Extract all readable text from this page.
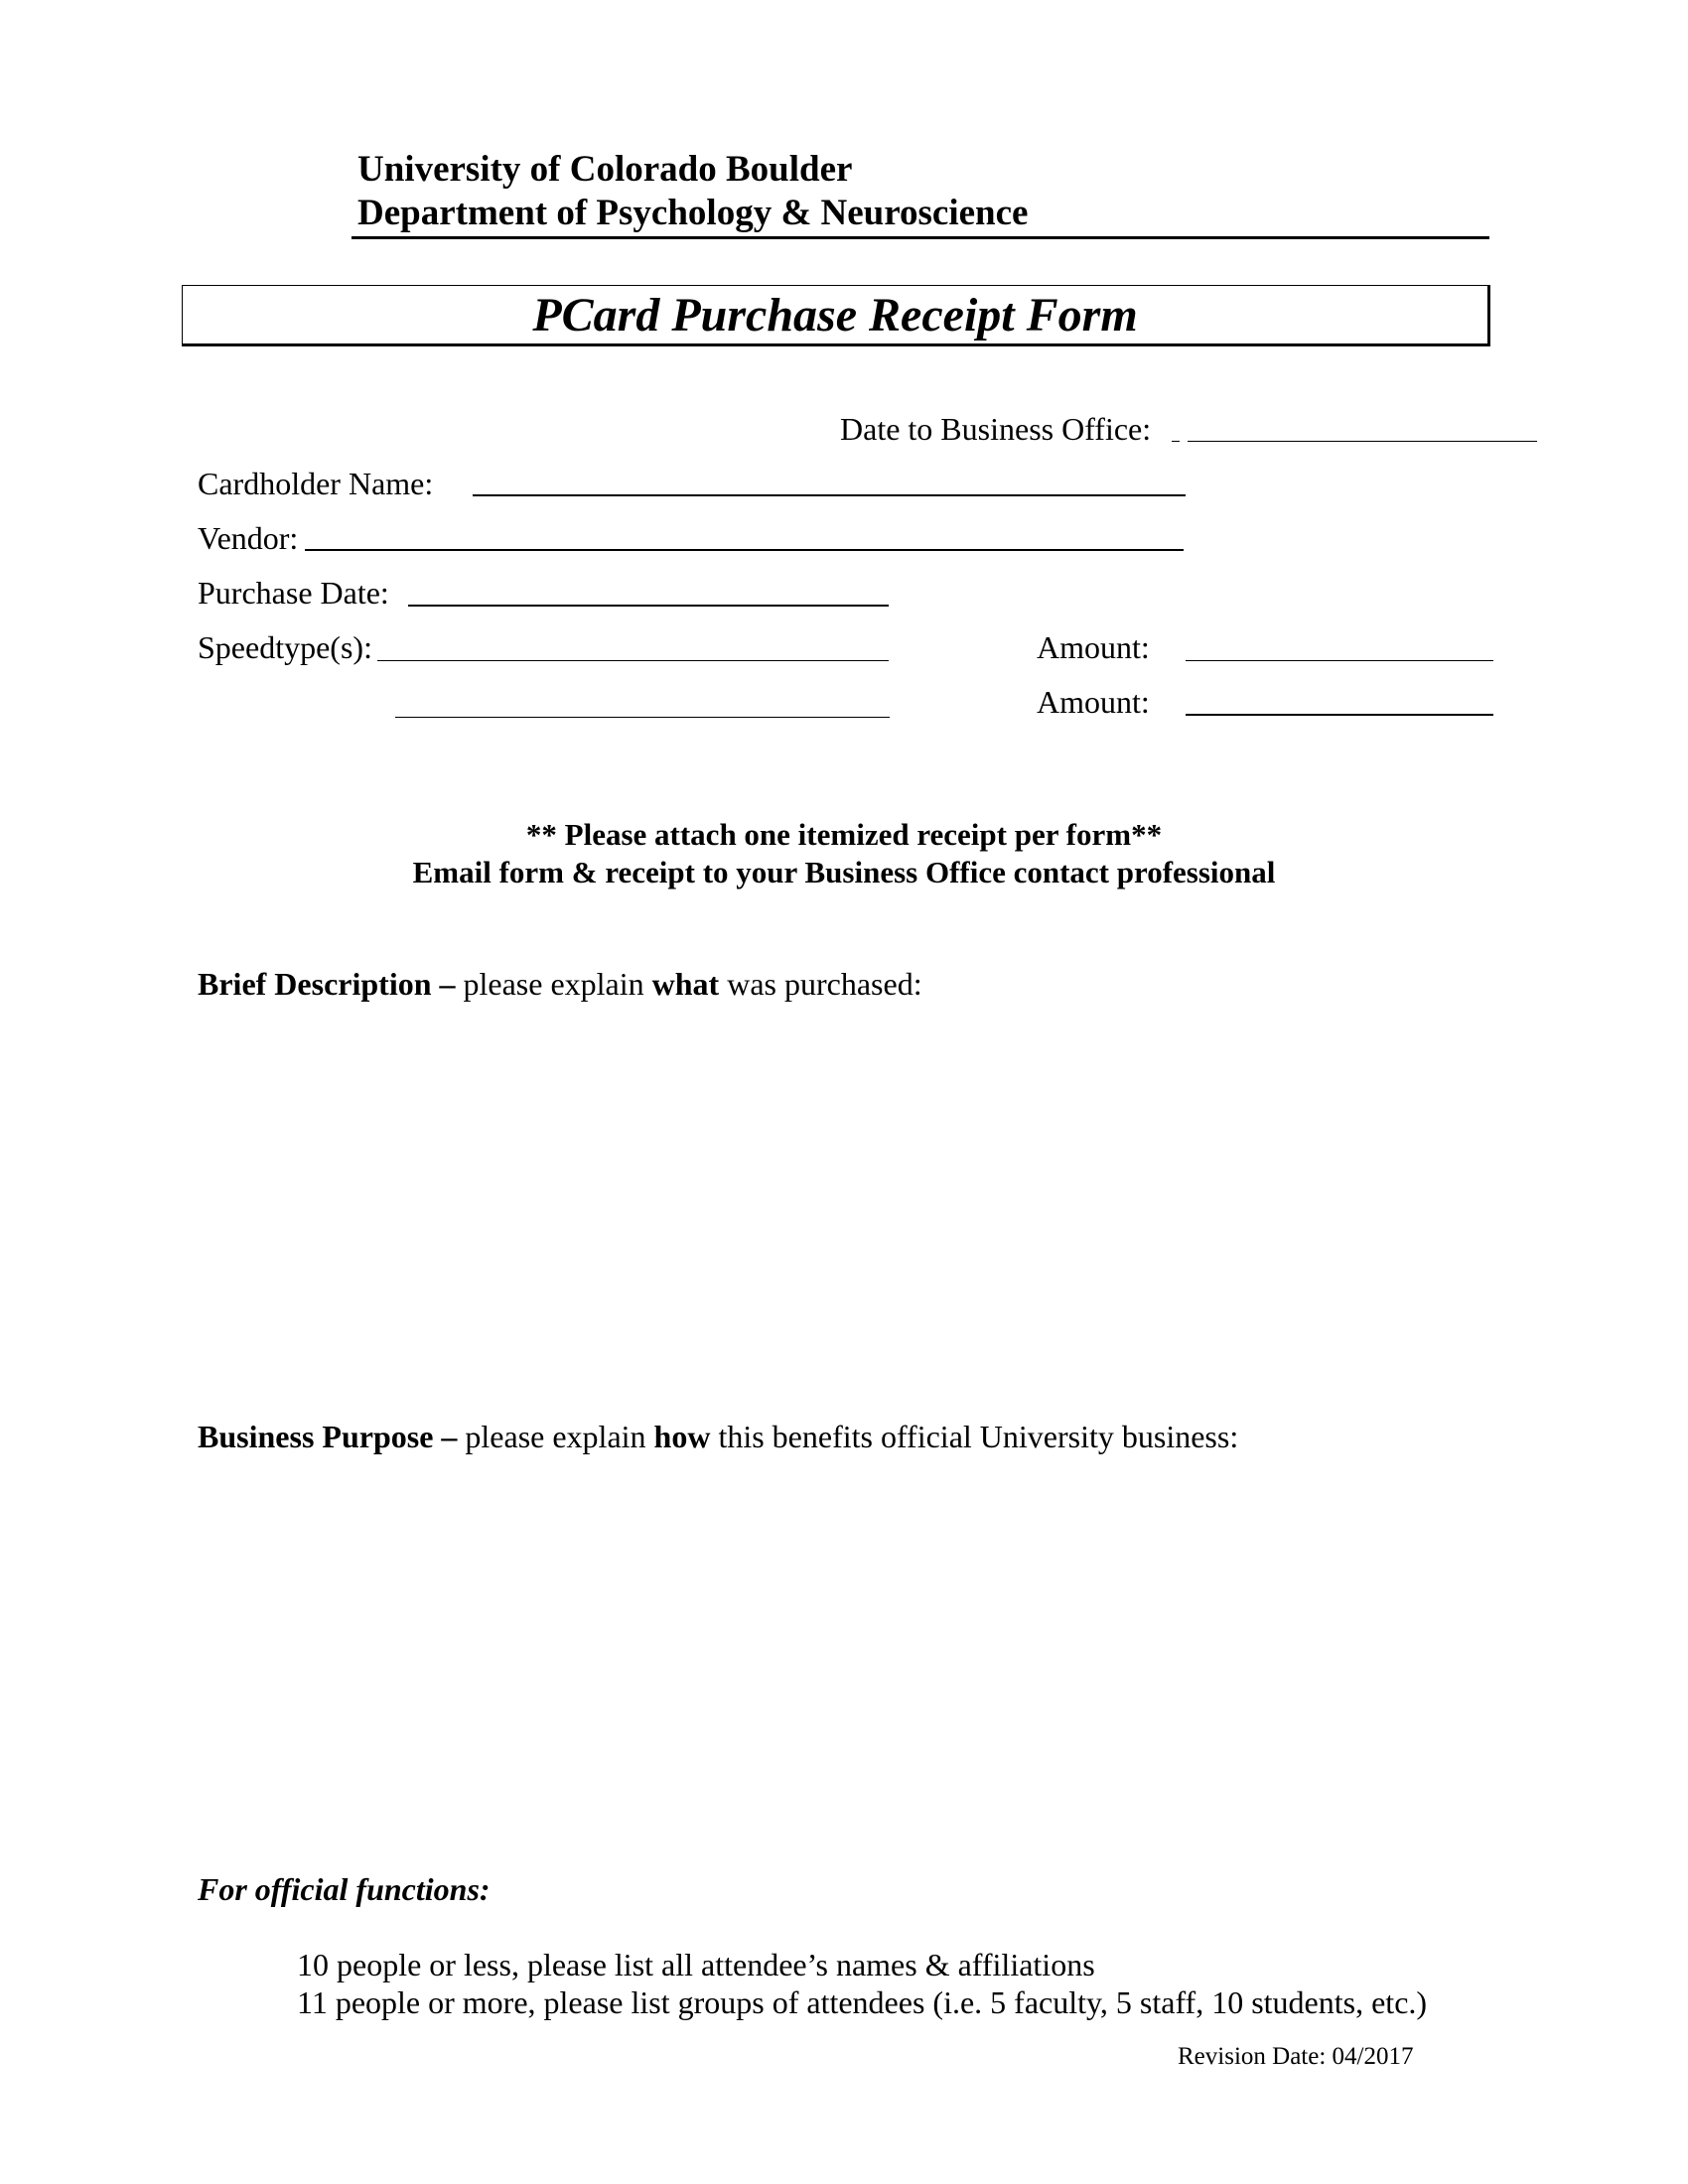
University of Colorado Boulder
Department of Psychology & Neuroscience
PCard Purchase Receipt Form
Date to Business Office:
Cardholder Name:
Vendor:
Purchase Date:
Speedtype(s):	Amount:
Amount:
** Please attach one itemized receipt per form**
Email form & receipt to your Business Office contact professional
Brief Description – please explain what was purchased:
Business Purpose – please explain how this benefits official University business:
For official functions:
10 people or less, please list all attendee’s names & affiliations
11 people or more, please list groups of attendees (i.e. 5 faculty, 5 staff, 10 students, etc.)
Revision Date: 04/2017
